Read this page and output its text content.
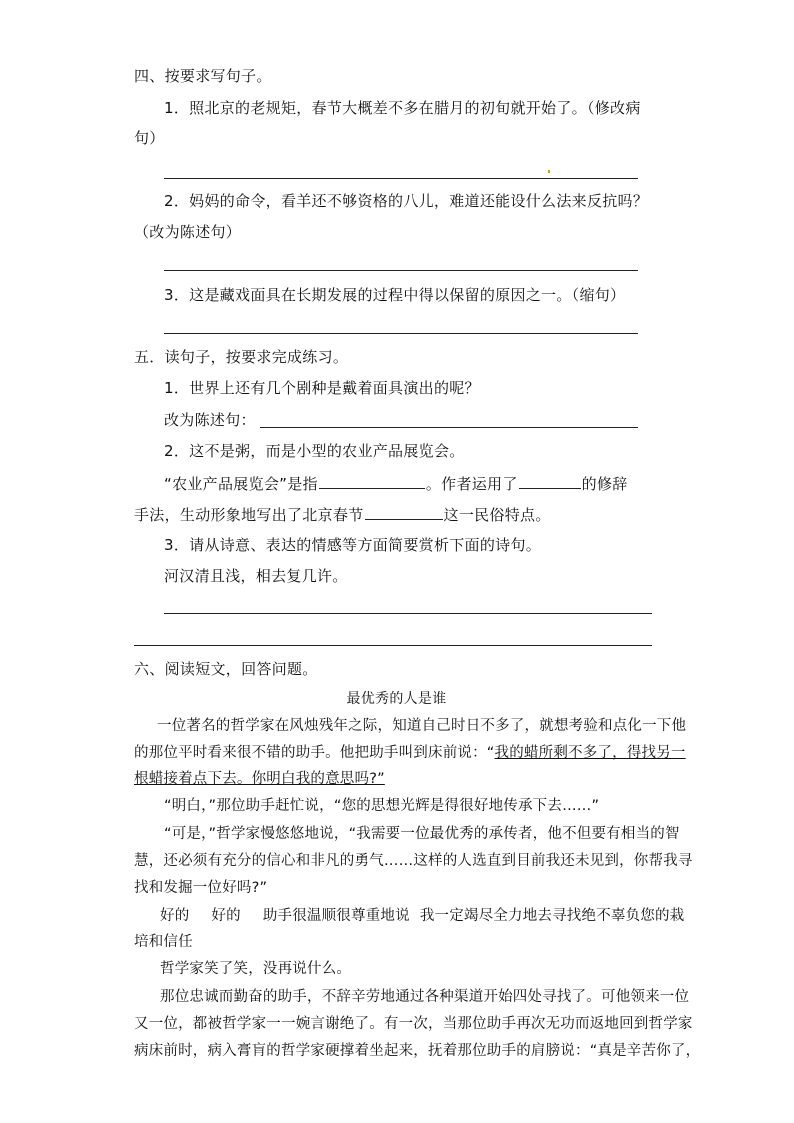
四、按要求写句子。
1．照北京的老规矩，春节大概差不多在腊月的初旬就开始了。（修改病
句）
2．妈妈的命令，看羊还不够资格的八儿，难道还能设什么法来反抗吗？
（改为陈述句）
3．这是藏戏面具在长期发展的过程中得以保留的原因之一。（缩句）
五．读句子，按要求完成练习。
1．世界上还有几个剧种是戴着面具演出的呢？
改为陈述句：
2．这不是粥，而是小型的农业产品展览会。
“农业产品展览会”是指	。作者运用了	的修辞
手法，生动形象地写出了北京春节	这一民俗特点。
3．请从诗意、表达的情感等方面简要赏析下面的诗句。
河汉清且浅，相去复几许。
六、阅读短文，回答问题。
最优秀的人是谁
一位著名的哲学家在风烛残年之际，知道自己时日不多了，就想考验和点化一下他
的那位平时看来很不错的助手。他把助手叫到床前说：“我的蜡所剩不多了，得找另一
根蜡接着点下去。你明白我的意思吗?”
“明白，”那位助手赶忙说，“您的思想光辉是得很好地传承下去……”
“可是，”哲学家慢悠悠地说，“我需要一位最优秀的承传者，他不但要有相当的智
慧，还必须有充分的信心和非凡的勇气……这样的人选直到目前我还未见到，你帮我寻
找和发掘一位好吗?”
好的 好的 助手很温顺很尊重地说 我一定竭尽全力地去寻找绝不辜负您的栽
培和信任
哲学家笑了笑，没再说什么。
那位忠诚而勤奋的助手，不辞辛劳地通过各种渠道开始四处寻找了。可他领来一位
又一位，都被哲学家一一婉言谢绝了。有一次，当那位助手再次无功而返地回到哲学家
病床前时，病入膏肓的哲学家硬撑着坐起来，抚着那位助手的肩膀说：“真是辛苦你了，
